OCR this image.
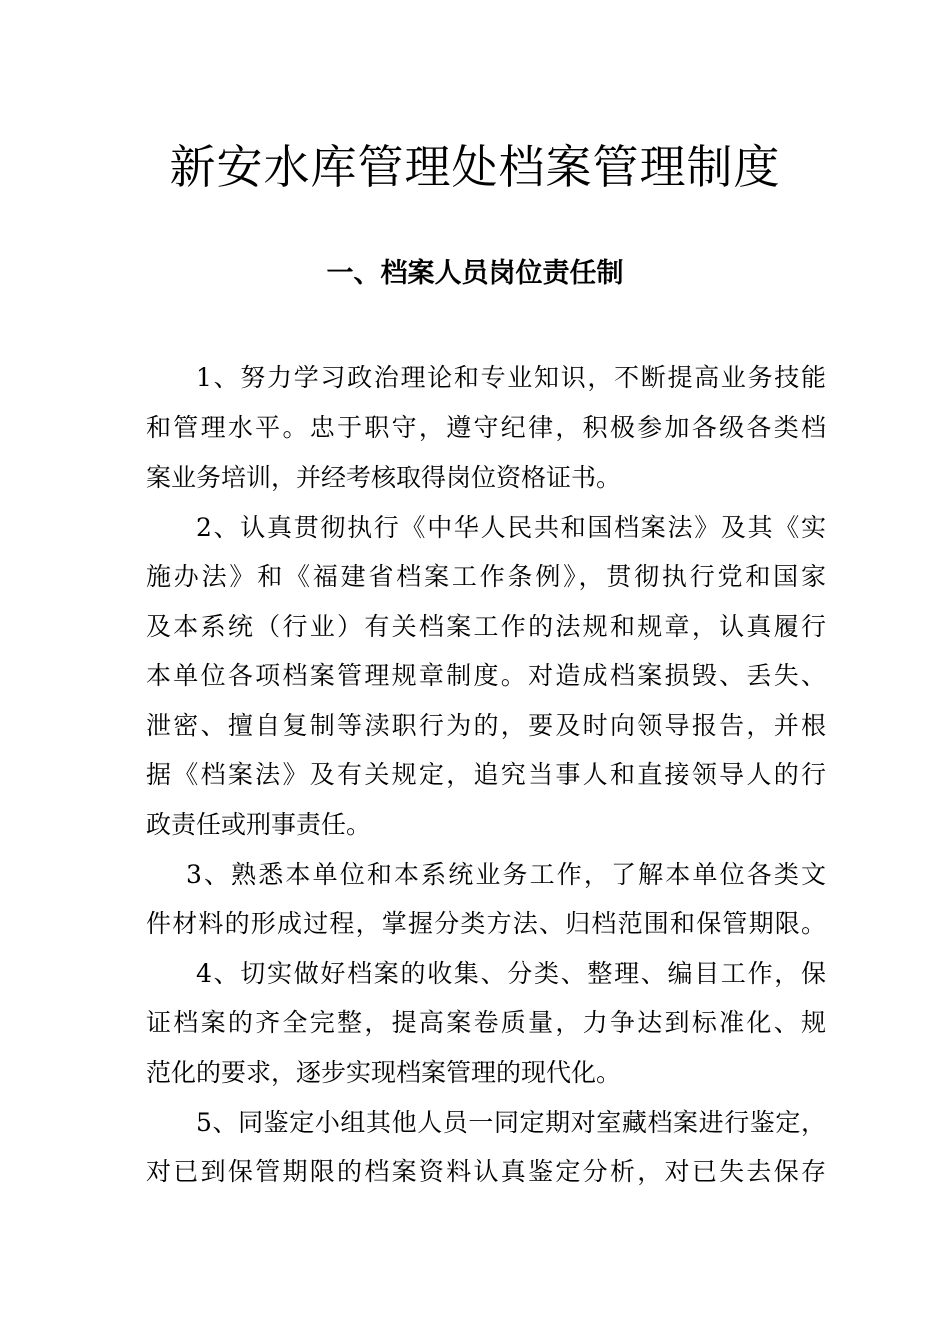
新安水库管理处档案管理制度
一、档案人员岗位责任制

1、努力学习政治理论和专业知识，不断提高业务技能

和管理水平。忠于职守，遵守纪律，积极参加各级各类档

案业务培训，并经考核取得岗位资格证书。

2、认真贯彻执行《中华人民共和国档案法》及其《实

施办法》和《福建省档案工作条例》，贯彻执行党和国家

及本系统（行业）有关档案工作的法规和规章，认真履行

本单位各项档案管理规章制度。对造成档案损毁、丢失、

泄密、擅自复制等渎职行为的，要及时向领导报告，并根

据《档案法》及有关规定，追究当事人和直接领导人的行

政责任或刑事责任。

3、熟悉本单位和本系统业务工作，了解本单位各类文

件材料的形成过程，掌握分类方法、归档范围和保管期限。

4、切实做好档案的收集、分类、整理、编目工作，保

证档案的齐全完整，提高案卷质量，力争达到标准化、规

范化的要求，逐步实现档案管理的现代化。

5、同鉴定小组其他人员一同定期对室藏档案进行鉴定，

对已到保管期限的档案资料认真鉴定分析，对已失去保存
